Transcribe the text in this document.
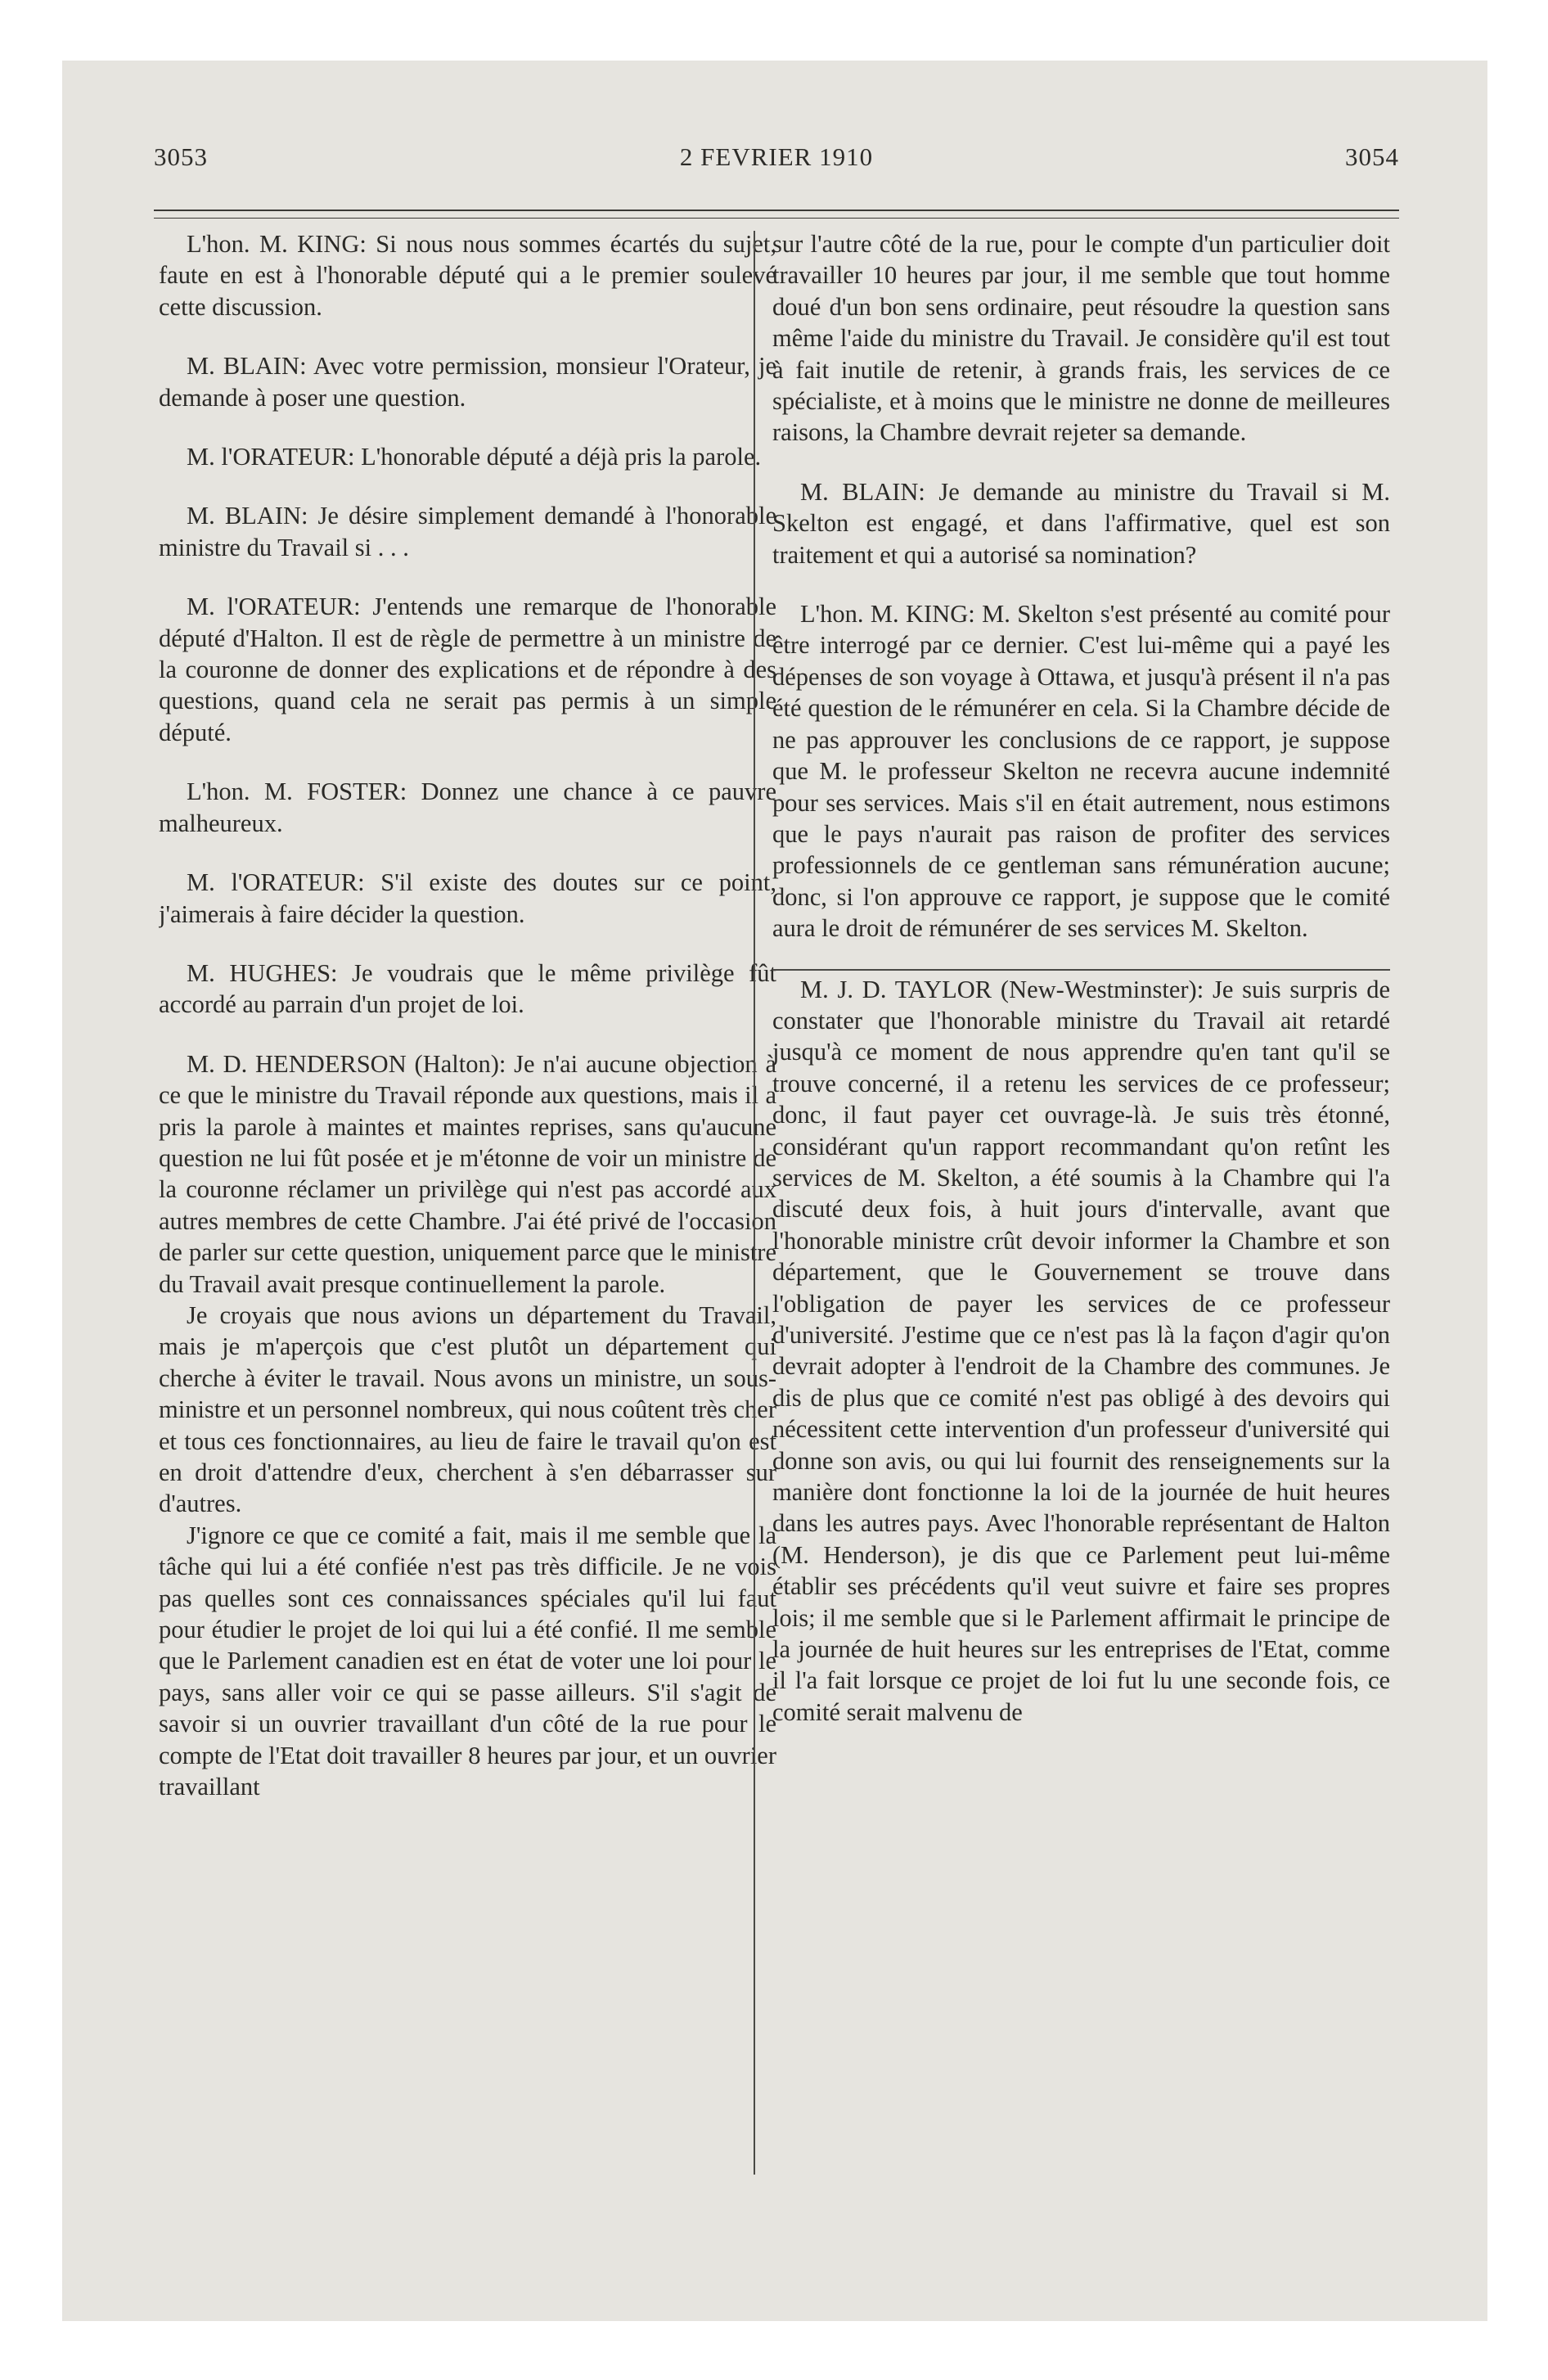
3053	2 FEVRIER 1910	3054

L'hon. M. KING: Si nous nous sommes écartés du sujet, faute en est à l'honorable député qui a le premier soulevé cette discussion.

M. BLAIN: Avec votre permission, monsieur l'Orateur, je demande à poser une question.

M. l'ORATEUR: L'honorable député a déjà pris la parole.

M. BLAIN: Je désire simplement demandé à l'honorable ministre du Travail si . . .

M. l'ORATEUR: J'entends une remarque de l'honorable député d'Halton. Il est de règle de permettre à un ministre de la couronne de donner des explications et de répondre à des questions, quand cela ne serait pas permis à un simple député.

L'hon. M. FOSTER: Donnez une chance à ce pauvre malheureux.

M. l'ORATEUR: S'il existe des doutes sur ce point, j'aimerais à faire décider la question.

M. HUGHES: Je voudrais que le même privilège fût accordé au parrain d'un projet de loi.

M. D. HENDERSON (Halton): Je n'ai aucune objection à ce que le ministre du Travail réponde aux questions, mais il a pris la parole à maintes et maintes reprises, sans qu'aucune question ne lui fût posée et je m'étonne de voir un ministre de la couronne réclamer un privilège qui n'est pas accordé aux autres membres de cette Chambre. J'ai été privé de l'occasion de parler sur cette question, uniquement parce que le ministre du Travail avait presque continuellement la parole.

Je croyais que nous avions un département du Travail, mais je m'aperçois que c'est plutôt un département qui cherche à éviter le travail. Nous avons un ministre, un sous-ministre et un personnel nombreux, qui nous coûtent très cher et tous ces fonctionnaires, au lieu de faire le travail qu'on est en droit d'attendre d'eux, cherchent à s'en débarrasser sur d'autres.

J'ignore ce que ce comité a fait, mais il me semble que la tâche qui lui a été confiée n'est pas très difficile. Je ne vois pas quelles sont ces connaissances spéciales qu'il lui faut pour étudier le projet de loi qui lui a été confié. Il me semble que le Parlement canadien est en état de voter une loi pour le pays, sans aller voir ce qui se passe ailleurs. S'il s'agit de savoir si un ouvrier travaillant d'un côté de la rue pour le compte de l'Etat doit travailler 8 heures par jour, et un ouvrier travaillant

sur l'autre côté de la rue, pour le compte d'un particulier doit travailler 10 heures par jour, il me semble que tout homme doué d'un bon sens ordinaire, peut résoudre la question sans même l'aide du ministre du Travail. Je considère qu'il est tout à fait inutile de retenir, à grands frais, les services de ce spécialiste, et à moins que le ministre ne donne de meilleures raisons, la Chambre devrait rejeter sa demande.

M. BLAIN: Je demande au ministre du Travail si M. Skelton est engagé, et dans l'affirmative, quel est son traitement et qui a autorisé sa nomination?

L'hon. M. KING: M. Skelton s'est présenté au comité pour être interrogé par ce dernier. C'est lui-même qui a payé les dépenses de son voyage à Ottawa, et jusqu'à présent il n'a pas été question de le rémunérer en cela. Si la Chambre décide de ne pas approuver les conclusions de ce rapport, je suppose que M. le professeur Skelton ne recevra aucune indemnité pour ses services. Mais s'il en était autrement, nous estimons que le pays n'aurait pas raison de profiter des services professionnels de ce gentleman sans rémunération aucune; donc, si l'on approuve ce rapport, je suppose que le comité aura le droit de rémunérer de ses services M. Skelton.

M. J. D. TAYLOR (New-Westminster): Je suis surpris de constater que l'honorable ministre du Travail ait retardé jusqu'à ce moment de nous apprendre qu'en tant qu'il se trouve concerné, il a retenu les services de ce professeur; donc, il faut payer cet ouvrage-là. Je suis très étonné, considérant qu'un rapport recommandant qu'on retînt les services de M. Skelton, a été soumis à la Chambre qui l'a discuté deux fois, à huit jours d'intervalle, avant que l'honorable ministre crût devoir informer la Chambre et son département, que le Gouvernement se trouve dans l'obligation de payer les services de ce professeur d'université. J'estime que ce n'est pas là la façon d'agir qu'on devrait adopter à l'endroit de la Chambre des communes. Je dis de plus que ce comité n'est pas obligé à des devoirs qui nécessitent cette intervention d'un professeur d'université qui donne son avis, ou qui lui fournit des renseignements sur la manière dont fonctionne la loi de la journée de huit heures dans les autres pays. Avec l'honorable représentant de Halton (M. Henderson), je dis que ce Parlement peut lui-même établir ses précédents qu'il veut suivre et faire ses propres lois; il me semble que si le Parlement affirmait le principe de la journée de huit heures sur les entreprises de l'Etat, comme il l'a fait lorsque ce projet de loi fut lu une seconde fois, ce comité serait malvenu de
